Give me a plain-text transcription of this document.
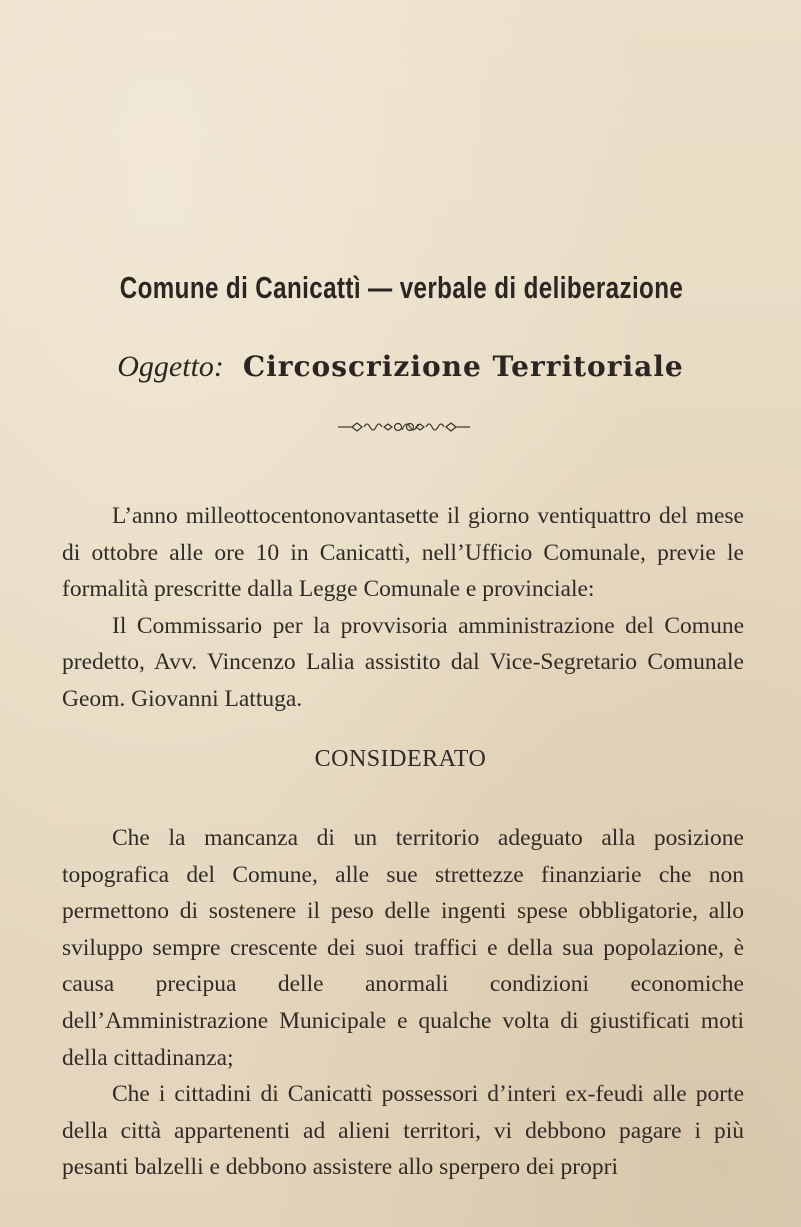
Comune di Canicattì — verbale di deliberazione
Oggetto: Circoscrizione Territoriale

L’anno milleottocentonovantasette il giorno ventiquattro del mese di ottobre alle ore 10 in Canicattì, nell’Ufficio Comunale, previe le formalità prescritte dalla Legge Comunale e provinciale:

Il Commissario per la provvisoria amministrazione del Comune predetto, Avv. Vincenzo Lalia assistito dal Vice-Segretario Comunale Geom. Giovanni Lattuga.

CONSIDERATO

Che la mancanza di un territorio adeguato alla posizione topografica del Comune, alle sue strettezze finanziarie che non permettono di sostenere il peso delle ingenti spese obbligatorie, allo sviluppo sempre crescente dei suoi traffici e della sua popolazione, è causa precipua delle anormali condizioni economiche dell’Amministrazione Municipale e qualche volta di giustificati moti della cittadinanza;

Che i cittadini di Canicattì possessori d’interi ex-feudi alle porte della città appartenenti ad alieni territori, vi debbono pagare i più pesanti balzelli e debbono assistere allo sperpero dei propri
